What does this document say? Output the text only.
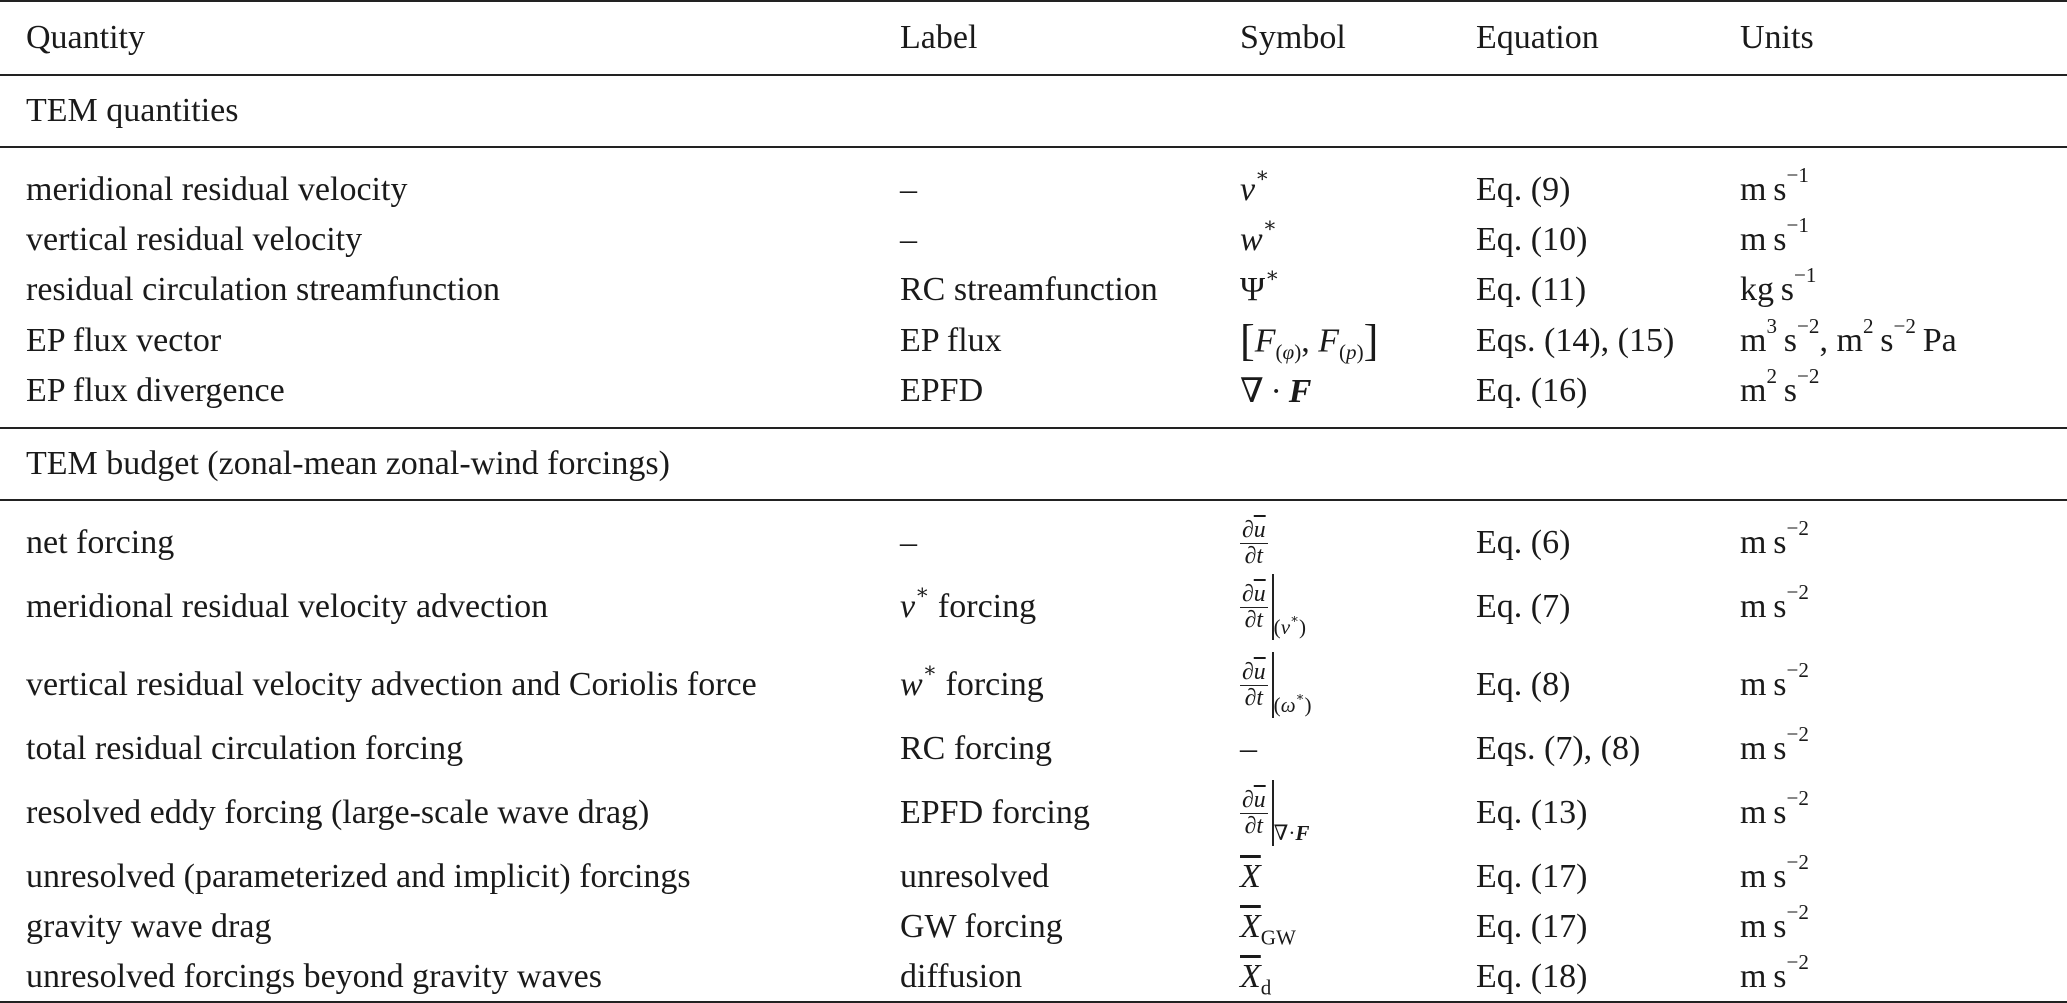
Quantity	Label	Symbol	Equation	Units
TEM quantities				

meridional residual velocity	–	v∗	Eq. (9)	m $s^{-1}$
vertical residual velocity	–	w∗	Eq. (10)	m $s^{-1}$
residual circulation streamfunction	RC streamfunction	Ψ∗	Eq. (11)	kg $s^{-1}$
EP flux vector	EP flux	[$F_{(\varphi)}$, $F_{(p)}$]	Eqs. (14), (15)	$m^3$ $s^{-2}$, $m^2$ $s^{-2}$ Pa
EP flux divergence	EPFD	∇ · F	Eq. (16)	$m^2$ $s^{-2}$

TEM budget (zonal-mean zonal-wind forcings)				

net forcing	–	$\frac{\partial\overline{u}}{\partial t}$	Eq. (6)	m $s^{-2}$
meridional residual velocity advection	v∗ forcing	$\frac{\partial\overline{u}}{\partial t} _{(v^∗)}$	Eq. (7)	m $s^{-2}$
vertical residual velocity advection and Coriolis force	w∗ forcing	$\frac{\partial\overline{u}}{\partial t} _{(\omega^∗)}$	Eq. (8)	m $s^{-2}$
total residual circulation forcing	RC forcing	–	Eqs. (7), (8)	m $s^{-2}$
resolved eddy forcing (large-scale wave drag)	EPFD forcing	$\frac{\partial\overline{u}}{\partial t} _{\nabla\cdot F}$	Eq. (13)	m $s^{-2}$
unresolved (parameterized and implicit) forcings	unresolved	$\overline{X}$	Eq. (17)	m $s^{-2}$
gravity wave drag	GW forcing	$\overline{X}_{GW}$	Eq. (17)	m $s^{-2}$
unresolved forcings beyond gravity waves	diffusion	$\overline{X}_d$	Eq. (18)	m $s^{-2}$
